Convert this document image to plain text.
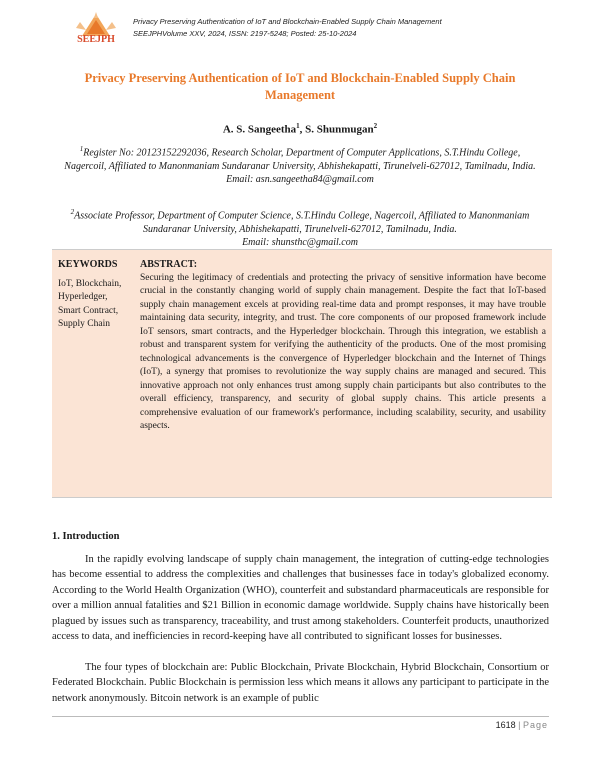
SEEJPH
Privacy Preserving Authentication of IoT and Blockchain-Enabled Supply Chain Management
SEEJPHVolume XXV, 2024, ISSN: 2197-5248; Posted: 25-10-2024
Privacy Preserving Authentication of IoT and Blockchain-Enabled Supply Chain Management
A. S. Sangeetha$^1$, S. Shunmugan$^2$
$^1$Register No: 20123152292036, Research Scholar, Department of Computer Applications, S.T.Hindu College, Nagercoil, Affiliated to Manonmaniam Sundaranar University, Abhishekapatti, Tirunelveli-627012, Tamilnadu, India.
Email: asn.sangeetha84@gmail.com
$^2$Associate Professor, Department of Computer Science, S.T.Hindu College, Nagercoil, Affiliated to Manonmaniam Sundaranar University, Abhishekapatti, Tirunelveli-627012, Tamilnadu, India.
Email: shunsthc@gmail.com
KEYWORDS
IoT, Blockchain,
Hyperledger,
Smart Contract,
Supply Chain
ABSTRACT:
Securing the legitimacy of credentials and protecting the privacy of sensitive information have become crucial in the constantly changing world of supply chain management. Despite the fact that IoT-based supply chain management excels at providing real-time data and prompt responses, it may have trouble maintaining data security, integrity, and trust. The core components of our proposed framework include IoT sensors, smart contracts, and the Hyperledger blockchain. Through this integration, we establish a robust and transparent system for verifying the authenticity of the products. One of the most promising technological advancements is the convergence of Hyperledger blockchain and the Internet of Things (IoT), a synergy that promises to revolutionize the way supply chains are managed and secured. This innovative approach not only enhances trust among supply chain participants but also contributes to the overall efficiency, transparency, and security of global supply chains. This article presents a comprehensive evaluation of our framework's performance, including scalability, security, and usability aspects.
1. Introduction
In the rapidly evolving landscape of supply chain management, the integration of cutting-edge technologies has become essential to address the complexities and challenges that businesses face in today's globalized economy. According to the World Health Organization (WHO), counterfeit and substandard pharmaceuticals are responsible for over a million annual fatalities and $21 Billion in economic damage worldwide. Supply chains have historically been plagued by issues such as transparency, traceability, and trust among stakeholders. Counterfeit products, unauthorized access to data, and inefficiencies in record-keeping have all contributed to significant losses for businesses.
The four types of blockchain are: Public Blockchain, Private Blockchain, Hybrid Blockchain, Consortium or Federated Blockchain. Public Blockchain is permission less which means it allows any participant to participate in the network anonymously. Bitcoin network is an example of public
1618 | Page
